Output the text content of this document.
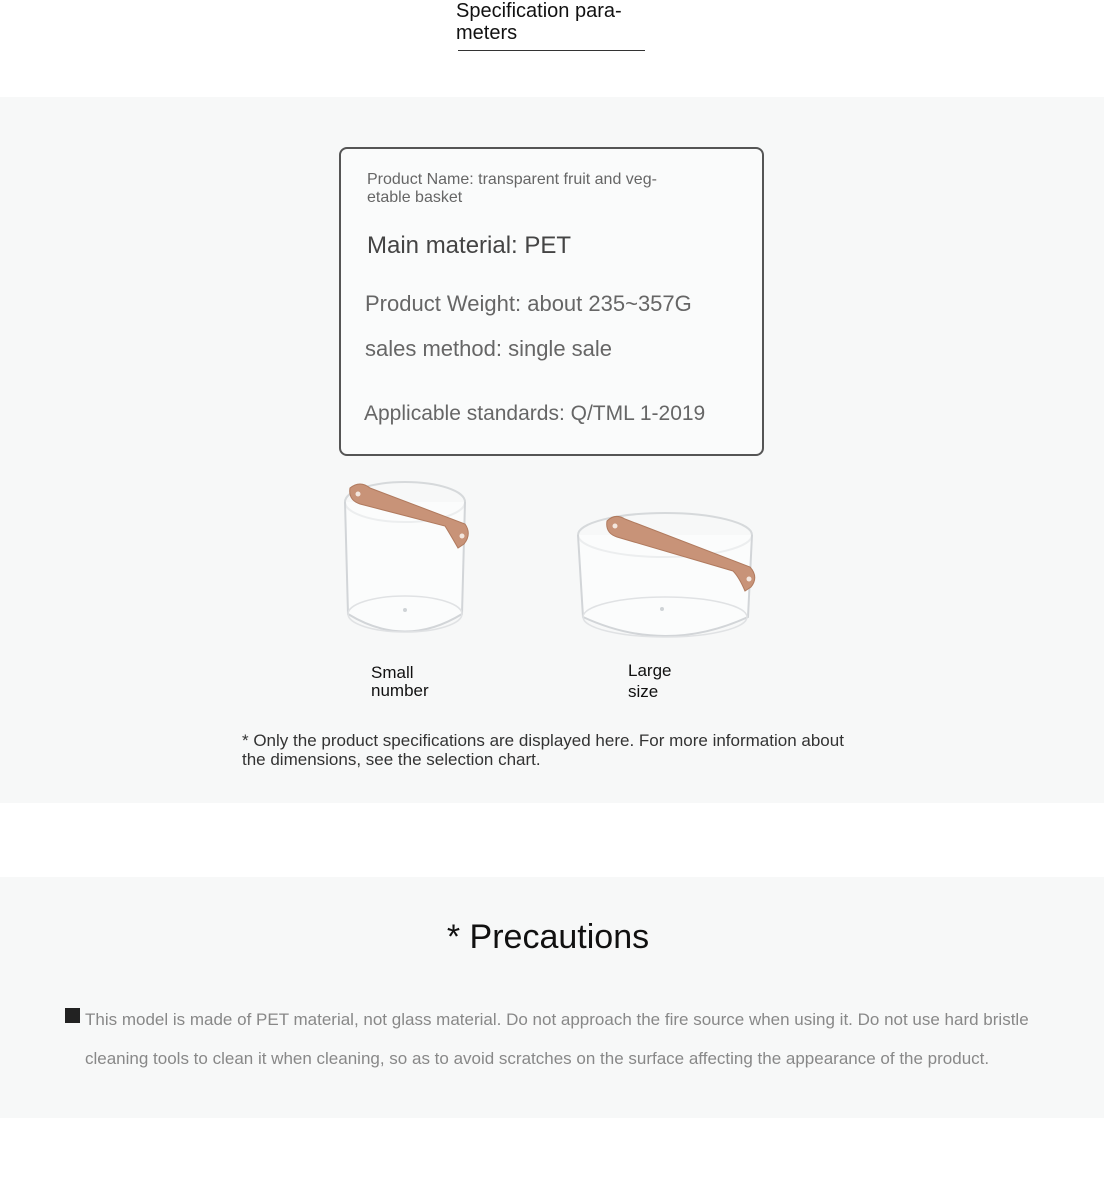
Specification para-
meters
Product Name: transparent fruit and veg-
etable basket
Main material: PET
Product Weight: about 235~357G
sales method: single sale
Applicable standards: Q/TML 1-2019
Small
number
Large
size
* Only the product specifications are displayed here. For more information about the dimensions, see the selection chart.
* Precautions
This model is made of PET material, not glass material. Do not approach the fire source when using it. Do not use hard bristle cleaning tools to clean it when cleaning, so as to avoid scratches on the surface affecting the appearance of the product.
